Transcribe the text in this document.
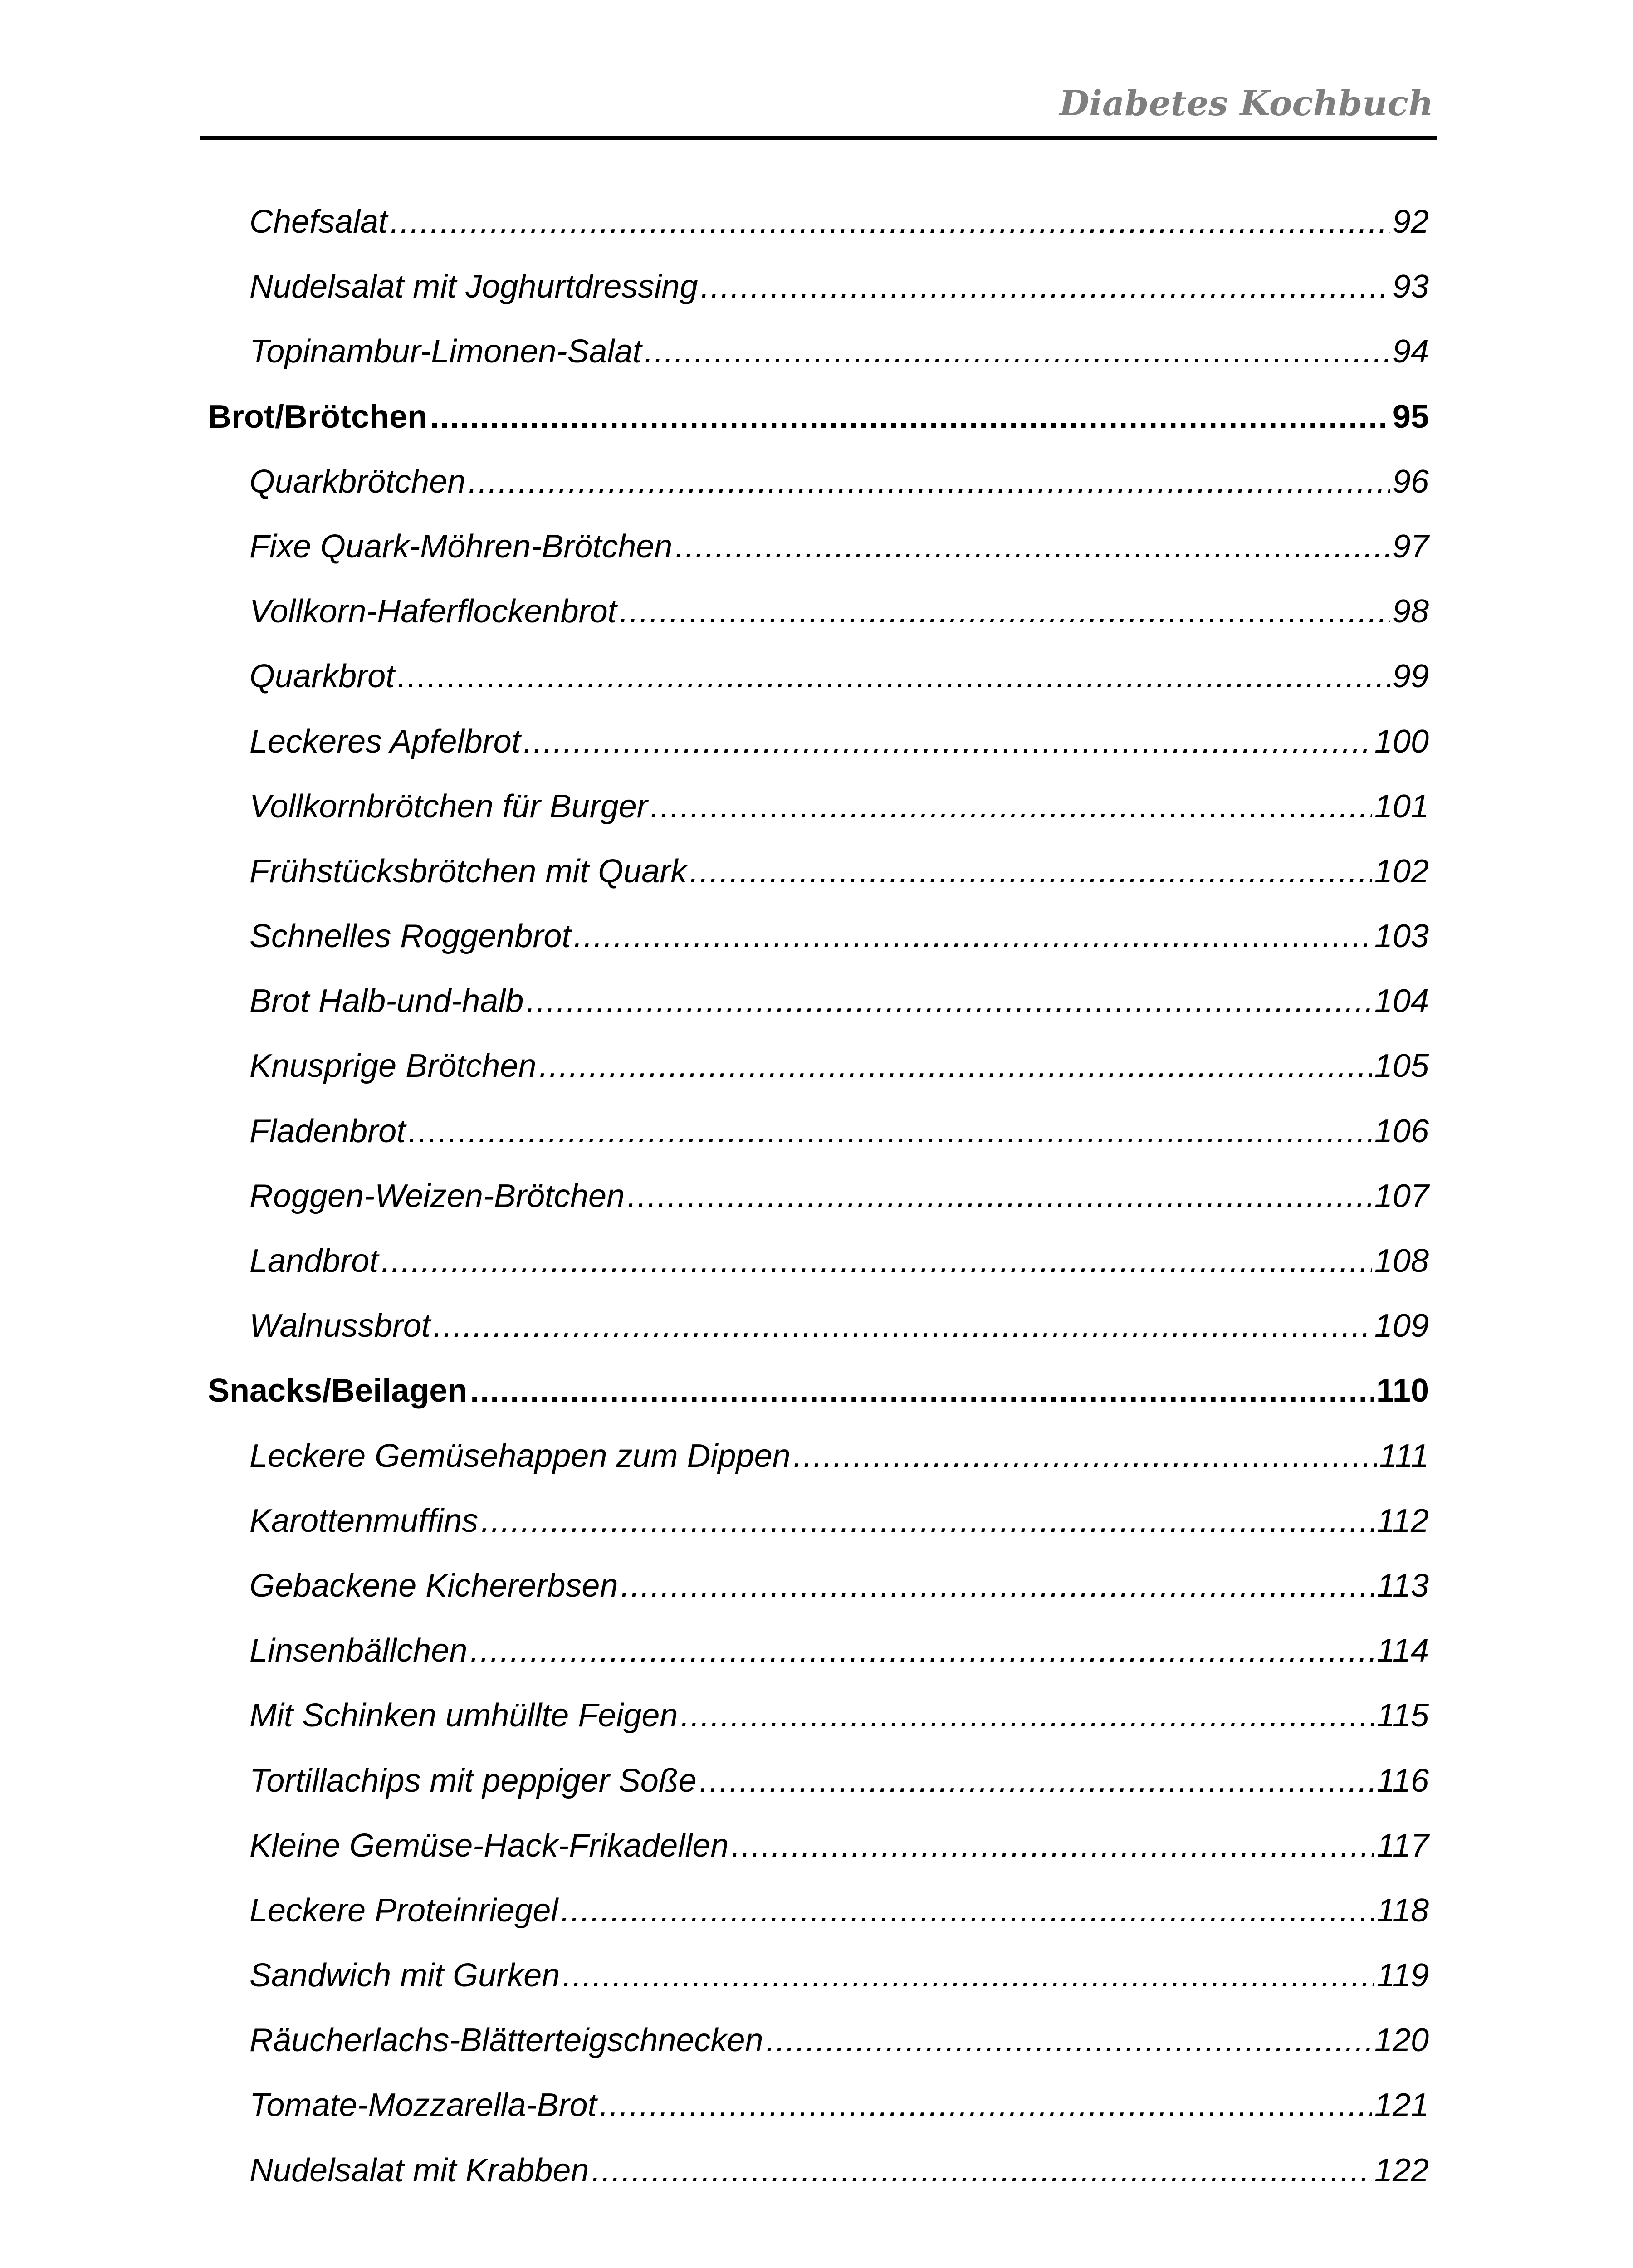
Diabetes Kochbuch
Chefsalat .....	92
Nudelsalat mit Joghurtdressing .....	93
Topinambur-Limonen-Salat .....	94
Brot/Brötchen .....	95
Quarkbrötchen .....	96
Fixe Quark-Möhren-Brötchen .....	97
Vollkorn-Haferflockenbrot .....	98
Quarkbrot .....	99
Leckeres Apfelbrot .....	100
Vollkornbrötchen für Burger .....	101
Frühstücksbrötchen mit Quark .....	102
Schnelles Roggenbrot .....	103
Brot Halb-und-halb .....	104
Knusprige Brötchen .....	105
Fladenbrot .....	106
Roggen-Weizen-Brötchen .....	107
Landbrot .....	108
Walnussbrot .....	109
Snacks/Beilagen .....	110
Leckere Gemüsehappen zum Dippen .....	111
Karottenmuffins .....	112
Gebackene Kichererbsen .....	113
Linsenbällchen .....	114
Mit Schinken umhüllte Feigen .....	115
Tortillachips mit peppiger Soße .....	116
Kleine Gemüse-Hack-Frikadellen .....	117
Leckere Proteinriegel .....	118
Sandwich mit Gurken .....	119
Räucherlachs-Blätterteigschnecken .....	120
Tomate-Mozzarella-Brot .....	121
Nudelsalat mit Krabben .....	122
